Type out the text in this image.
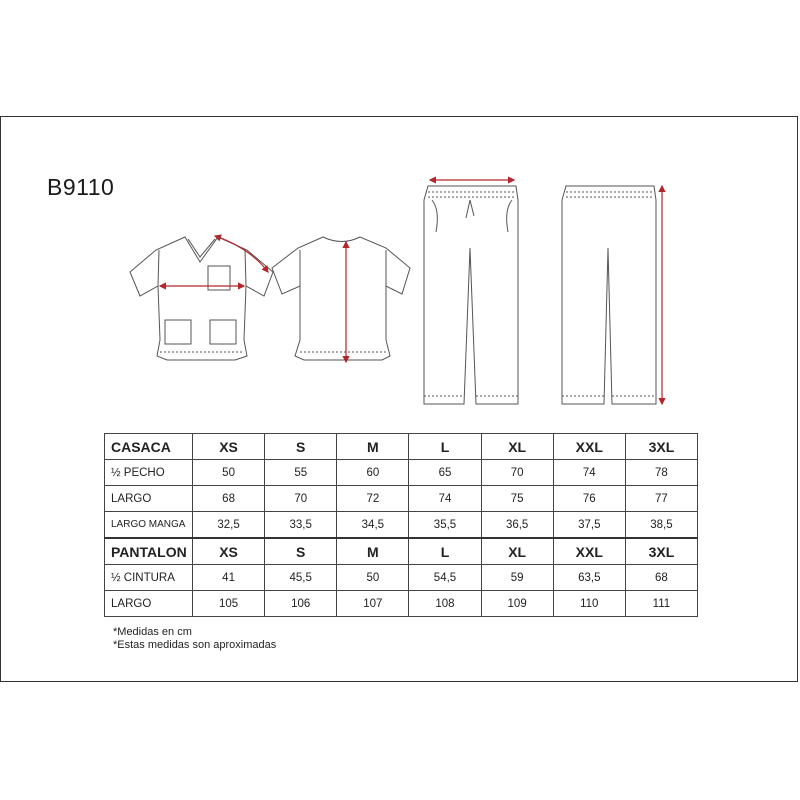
B9110
CASACA	XS	S	M	L	XL	XXL	3XL
½ PECHO	50	55	60	65	70	74	78
LARGO	68	70	72	74	75	76	77
LARGO MANGA	32,5	33,5	34,5	35,5	36,5	37,5	38,5
PANTALON	XS	S	M	L	XL	XXL	3XL
½ CINTURA	41	45,5	50	54,5	59	63,5	68
LARGO	105	106	107	108	109	110	111
*Medidas en cm
*Estas medidas son aproximadas
